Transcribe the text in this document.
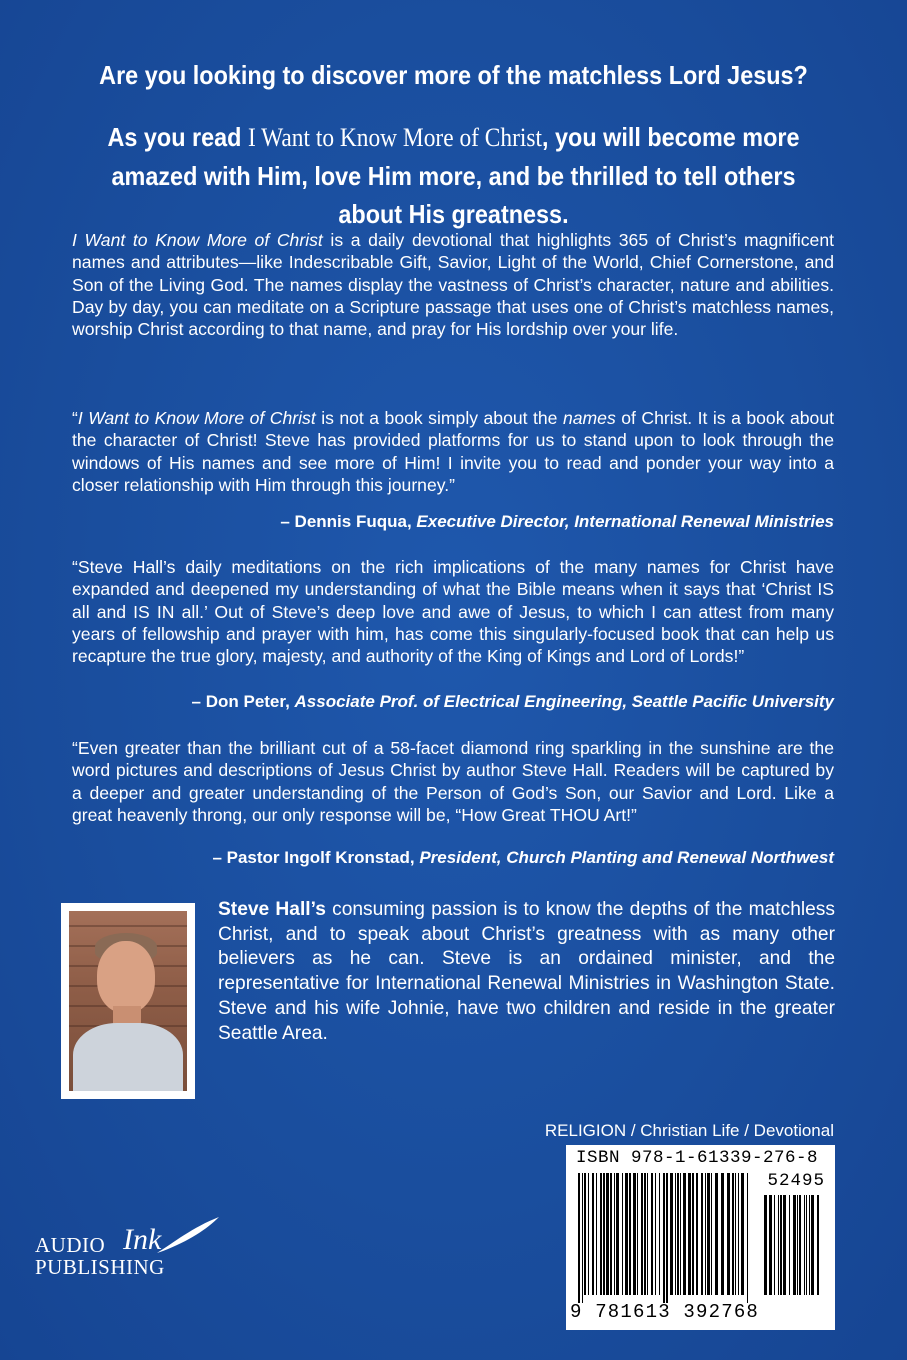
Are you looking to discover more of the matchless Lord Jesus?
As you read I Want to Know More of Christ, you will become more amazed with Him, love Him more, and be thrilled to tell others about His greatness.
I Want to Know More of Christ is a daily devotional that highlights 365 of Christ’s magnificent names and attributes—like Indescribable Gift, Savior, Light of the World, Chief Cornerstone, and Son of the Living God. The names display the vastness of Christ’s character, nature and abilities. Day by day, you can meditate on a Scripture passage that uses one of Christ’s matchless names, worship Christ according to that name, and pray for His lordship over your life.
“I Want to Know More of Christ is not a book simply about the names of Christ. It is a book about the character of Christ! Steve has provided platforms for us to stand upon to look through the windows of His names and see more of Him! I invite you to read and ponder your way into a closer relationship with Him through this journey.”
– Dennis Fuqua, Executive Director, International Renewal Ministries
“Steve Hall’s daily meditations on the rich implications of the many names for Christ have expanded and deepened my understanding of what the Bible means when it says that ‘Christ IS all and IS IN all.’ Out of Steve’s deep love and awe of Jesus, to which I can attest from many years of fellowship and prayer with him, has come this singularly-focused book that can help us recapture the true glory, majesty, and authority of the King of Kings and Lord of Lords!”
– Don Peter, Associate Prof. of Electrical Engineering, Seattle Pacific University
“Even greater than the brilliant cut of a 58-facet diamond ring sparkling in the sunshine are the word pictures and descriptions of Jesus Christ by author Steve Hall. Readers will be captured by a deeper and greater understanding of the Person of God’s Son, our Savior and Lord. Like a great heavenly throng, our only response will be, “How Great THOU Art!”
– Pastor Ingolf Kronstad, President, Church Planting and Renewal Northwest
Steve Hall’s consuming passion is to know the depths of the matchless Christ, and to speak about Christ’s greatness with as many other believers as he can. Steve is an ordained minister, and the representative for International Renewal Ministries in Washington State. Steve and his wife Johnie, have two children and reside in the greater Seattle Area.
RELIGION / Christian Life / Devotional
ISBN 978-1-61339-276-8
52495
9 781613 392768
AUDIO Ink
PUBLISHING
